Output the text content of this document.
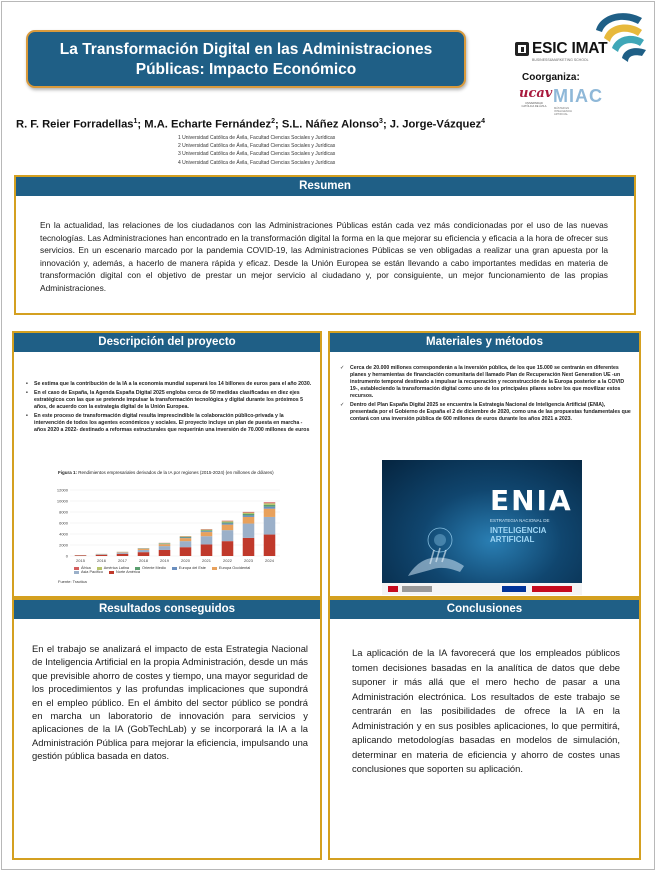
La Transformación Digital en las Administraciones
Públicas: Impacto Económico
ESIC IMAT
BUSINESS&MARKETING SCHOOL
Coorganiza:
ucav
UNIVERSIDAD CATÓLICA DE ÁVILA
MIAC
MÁSTER EN INTELIGENCIA ARTIFICIAL
R. F. Reier Forradellas$^1$; M.A. Echarte Fernández$^2$; S.L. Náñez Alonso$^3$; J. Jorge-Vázquez$^4$
1 Universidad Católica de Ávila, Facultad Ciencias Sociales y Jurídicas
2 Universidad Católica de Ávila, Facultad Ciencias Sociales y Jurídicas
3 Universidad Católica de Ávila, Facultad Ciencias Sociales y Jurídicas
4 Universidad Católica de Ávila, Facultad Ciencias Sociales y Jurídicas
Resumen
En la actualidad, las relaciones de los ciudadanos con las Administraciones Públicas están cada vez más condicionadas por el uso de las nuevas tecnologías. Las Administraciones han encontrado en la transformación digital la forma en la que mejorar su eficiencia y eficacia a la hora de ofrecer sus servicios. En un escenario marcado por la pandemia COVID-19, las Administraciones Públicas se ven obligadas a realizar una gran apuesta por la innovación y, además, a hacerlo de manera rápida y eficaz. Desde la Unión Europea se están llevando a cabo importantes medidas en materia de transformación digital con el objetivo de prestar un mejor servicio al ciudadano y, por consiguiente, un mejor funcionamiento de las propias Administraciones.
Descripción del proyecto
• Se estima que la contribución de la IA a la economía mundial superará los 14 billones de euros para el año 2030.
• En el caso de España, la Agenda España Digital 2025 engloba cerca de 50 medidas clasificadas en diez ejes estratégicos con las que se pretende impulsar la transformación tecnológica y digital durante los próximos 5 años, de acuerdo con la estrategia digital de la Unión Europea.
• En este proceso de transformación digital resulta imprescindible la colaboración público-privada y la intervención de todos los agentes económicos y sociales. El proyecto incluye un plan de puesta en marcha -años 2020 a 2022- destinado a reformas estructurales que requerirán una inversión de 70.000 millones de euros
Figura 1: Rendimientos empresariales derivados de la IA por regiones (2015-2024) (en millones de dólares)
12000
10000
8000
6000
4000
2000
0
2015	2016	2017	2018	2019	2020	2021	2022	2023	2024
África	América Latina	Oriente Medio	Europa del Este	Europa OccidentalAsia Pacífico	Norte América
Fuente: Tractica
Materiales y métodos
✓ Cerca de 20.000 millones corresponderán a la inversión pública, de los que 15.000 se centrarán en diferentes planes y herramientas de financiación comunitaria del llamado Plan de Recuperación Next Generation UE -un instrumento temporal destinado a impulsar la recuperación y reconstrucción de la Europa posterior a la COVID 19-, estableciendo la transformación digital como uno de los principales pilares sobre los que movilizar estos recursos.
✓ Dentro del Plan España Digital 2025 se encuentra la Estrategia Nacional de Inteligencia Artificial (ENIA), presentada por el Gobierno de España el 2 de diciembre de 2020, como una de las propuestas fundamentales que contará con una inversión pública de 600 millones de euros durante los años 2021 a 2023.
ENIA
ESTRATEGIA NACIONAL DE
INTELIGENCIA ARTIFICIAL
Resultados conseguidos
En el trabajo se analizará el impacto de esta Estrategia Nacional de Inteligencia Artificial en la propia Administración, desde un más que previsible ahorro de costes y tiempo, una mayor seguridad de los procedimientos y las profundas implicaciones que supondrá en el empleo público. En el ámbito del sector público se pondrá en marcha un laboratorio de innovación para servicios y aplicaciones de la IA (GobTechLab) y se incorporará la IA a la Administración Pública para mejorar la eficiencia, impulsando una gestión pública basada en datos.
Conclusiones
La aplicación de la IA favorecerá que los empleados públicos tomen decisiones basadas en la analítica de datos que debe suponer ir más allá que el mero hecho de pasar a una Administración electrónica. Los resultados de este trabajo se centrarán en las posibilidades de ofrece la IA en la Administración y en sus posibles aplicaciones, lo que permitirá, aplicando metodologías basadas en modelos de simulación, determinar en materia de eficiencia y ahorro de costes unas conclusiones que soporten su aplicación.
